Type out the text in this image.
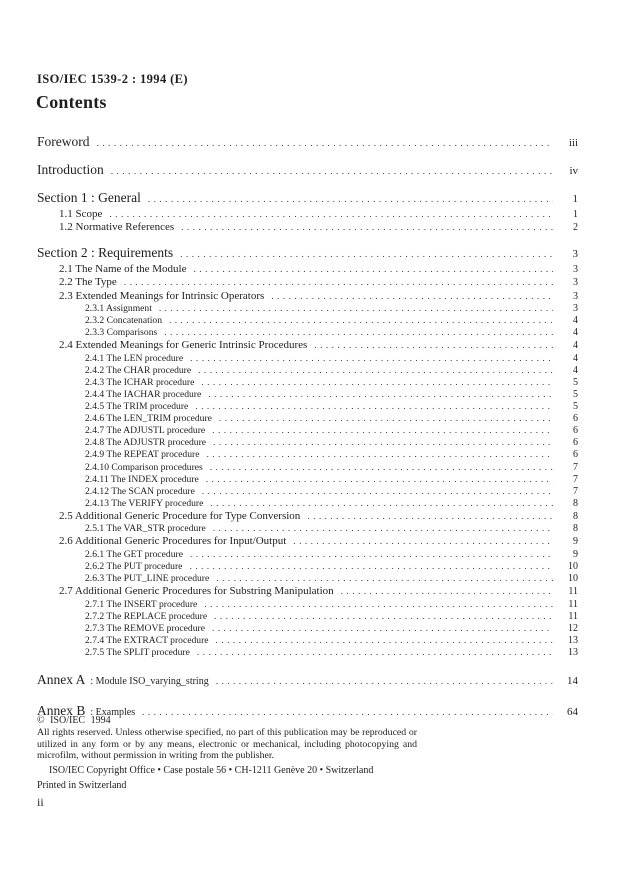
ISO/IEC 1539-2 : 1994 (E)
Contents
Foreword .....	iii
Introduction .....	iv
Section 1 : General .....	1
1.1 Scope .....	1
1.2 Normative References .....	2
Section 2 : Requirements .....	3
2.1 The Name of the Module .....	3
2.2 The Type .....	3
2.3 Extended Meanings for Intrinsic Operators .....	3
2.3.1 Assignment .....	3
2.3.2 Concatenation .....	4
2.3.3 Comparisons .....	4
2.4 Extended Meanings for Generic Intrinsic Procedures .....	4
2.4.1 The LEN procedure .....	4
2.4.2 The CHAR procedure .....	4
2.4.3 The ICHAR procedure .....	5
2.4.4 The IACHAR procedure .....	5
2.4.5 The TRIM procedure .....	5
2.4.6 The LEN_TRIM procedure .....	6
2.4.7 The ADJUSTL procedure .....	6
2.4.8 The ADJUSTR procedure .....	6
2.4.9 The REPEAT procedure .....	6
2.4.10 Comparison procedures .....	7
2.4.11 The INDEX procedure .....	7
2.4.12 The SCAN procedure .....	7
2.4.13 The VERIFY procedure .....	8
2.5 Additional Generic Procedure for Type Conversion .....	8
2.5.1 The VAR_STR procedure .....	8
2.6 Additional Generic Procedures for Input/Output .....	9
2.6.1 The GET procedure .....	9
2.6.2 The PUT procedure .....	10
2.6.3 The PUT_LINE procedure .....	10
2.7 Additional Generic Procedures for Substring Manipulation .....	11
2.7.1 The INSERT procedure .....	11
2.7.2 The REPLACE procedure .....	11
2.7.3 The REMOVE procedure .....	12
2.7.4 The EXTRACT procedure .....	13
2.7.5 The SPLIT procedure .....	13
Annex A : Module ISO_varying_string .....	14
Annex B : Examples .....	64
© ISO/IEC 1994
All rights reserved. Unless otherwise specified, no part of this publication may be reproduced or utilized in any form or by any means, electronic or mechanical, including photocopying and microfilm, without permission in writing from the publisher.
ISO/IEC Copyright Office • Case postale 56 • CH-1211 Genève 20 • Switzerland
Printed in Switzerland
ii
